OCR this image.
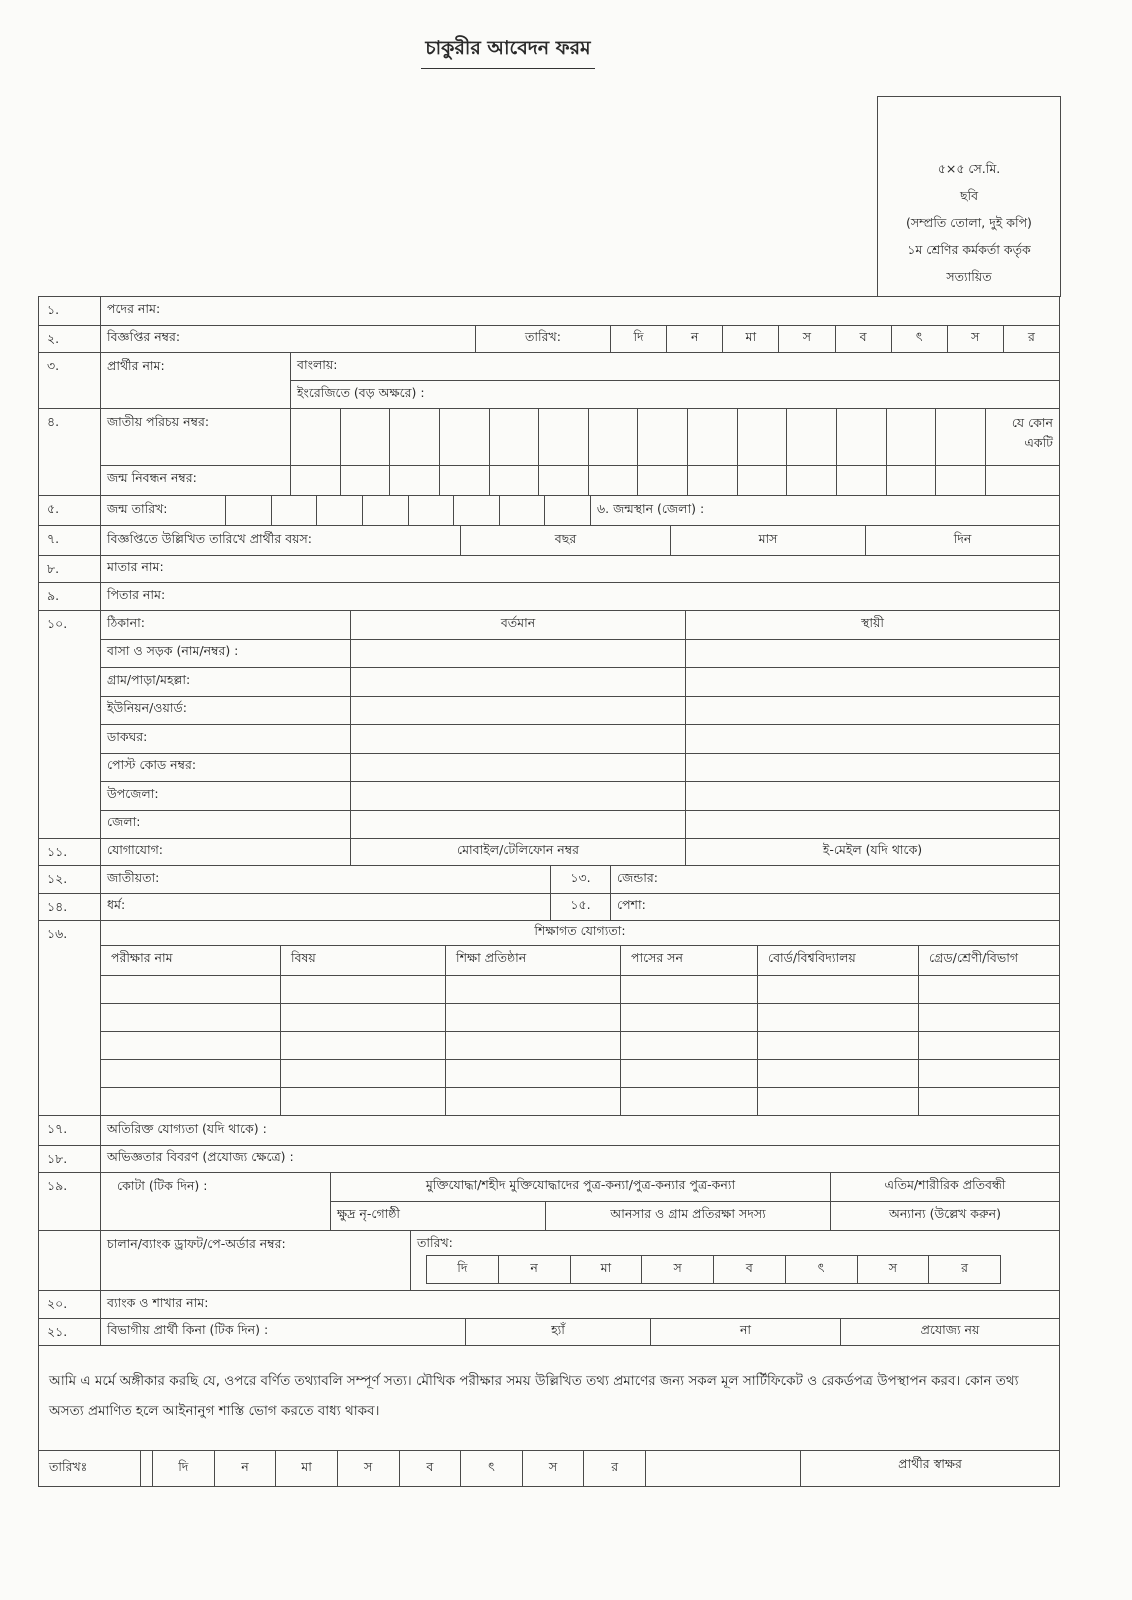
চাকুরীর আবেদন ফরম
৫×৫ সে.মি.
ছবি
(সম্প্রতি তোলা, দুই কপি)
১ম শ্রেণির কর্মকর্তা কর্তৃক
সত্যায়িত
১.	পদের নাম:
২.	বিজ্ঞপ্তির নম্বর:	তারিখ:	দি	ন	মা	স	ব	ৎ	স	র
৩.	প্রার্থীর নাম:	বাংলায়:
ইংরেজিতে (বড় অক্ষরে) :
৪.	জাতীয় পরিচয় নম্বর:	যে কোন
একটি
জন্ম নিবন্ধন নম্বর:
৫.	জন্ম তারিখ:	৬. জন্মস্থান (জেলা) :
৭.	বিজ্ঞপ্তিতে উল্লিখিত তারিখে প্রার্থীর বয়স:	বছর	মাস	দিন
৮.	মাতার নাম:
৯.	পিতার নাম:
১০.	ঠিকানা:	বর্তমান	স্থায়ী
বাসা ও সড়ক (নাম/নম্বর) :
গ্রাম/পাড়া/মহল্লা:
ইউনিয়ন/ওয়ার্ড:
ডাকঘর:
পোস্ট কোড নম্বর:
উপজেলা:
জেলা:
১১.	যোগাযোগ:	মোবাইল/টেলিফোন নম্বর	ই-মেইল (যদি থাকে)
১২.	জাতীয়তা:	১৩.	জেন্ডার:
১৪.	ধর্ম:	১৫.	পেশা:
১৬.	শিক্ষাগত যোগ্যতা:
পরীক্ষার নাম	বিষয়	শিক্ষা প্রতিষ্ঠান	পাসের সন	বোর্ড/বিশ্ববিদ্যালয়	গ্রেড/শ্রেণী/বিভাগ
১৭.	অতিরিক্ত যোগ্যতা (যদি থাকে) :
১৮.	অভিজ্ঞতার বিবরণ (প্রযোজ্য ক্ষেত্রে) :
১৯.	কোটা (টিক দিন) :	মুক্তিযোদ্ধা/শহীদ মুক্তিযোদ্ধাদের পুত্র-কন্যা/পুত্র-কন্যার পুত্র-কন্যা	এতিম/শারীরিক প্রতিবন্ধী
ক্ষুদ্র নৃ-গোষ্ঠী	আনসার ও গ্রাম প্রতিরক্ষা সদস্য	অন্যান্য (উল্লেখ করুন)
চালান/ব্যাংক ড্রাফট/পে-অর্ডার নম্বর:	তারিখ:
দি	ন	মা	স	ব	ৎ	স	র
২০.	ব্যাংক ও শাখার নাম:
২১.	বিভাগীয় প্রার্থী কিনা (টিক দিন) :	হ্যাঁ	না	প্রযোজ্য নয়

আমি এ মর্মে অঙ্গীকার করছি যে, ওপরে বর্ণিত তথ্যাবলি সম্পূর্ণ সত্য। মৌখিক পরীক্ষার সময় উল্লিখিত তথ্য প্রমাণের জন্য সকল মূল সার্টিফিকেট ও রেকর্ডপত্র উপস্থাপন করব। কোন তথ্য অসত্য প্রমাণিত হলে আইনানুগ শাস্তি ভোগ করতে বাধ্য থাকব।

তারিখঃ	দি	ন	মা	স	ব	ৎ	স	র	প্রার্থীর স্বাক্ষর
